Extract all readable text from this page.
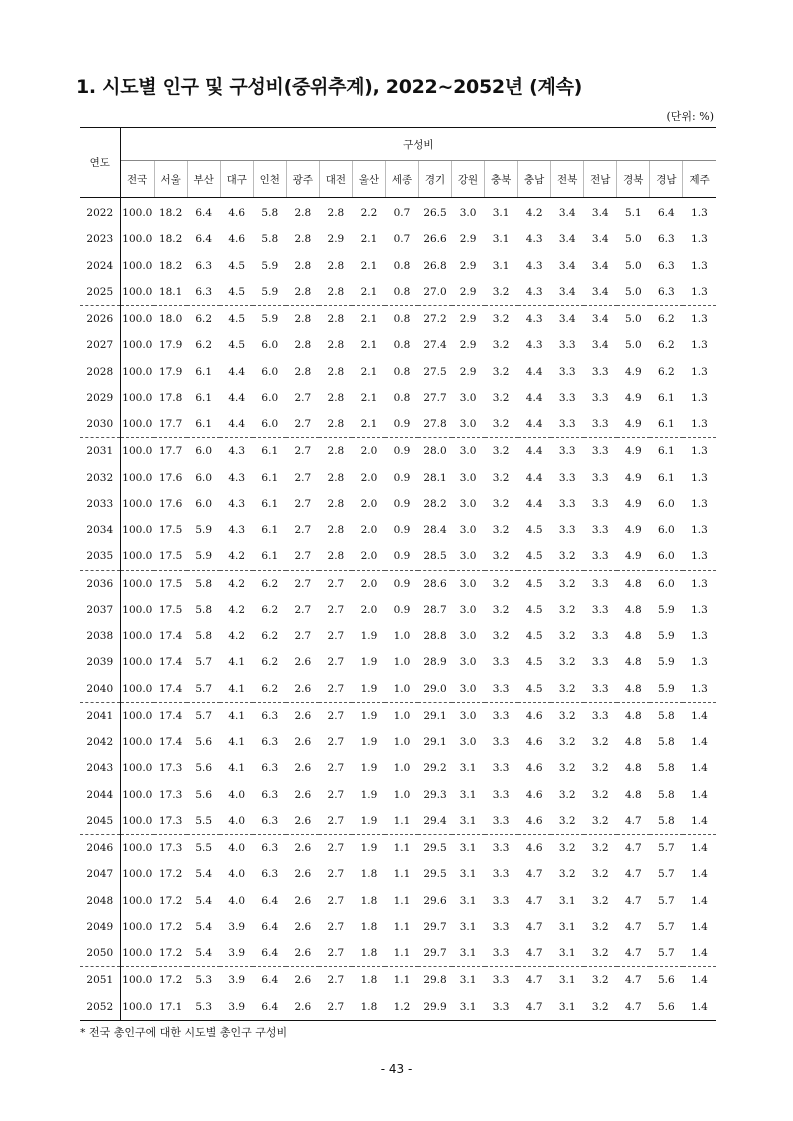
1. 시도별 인구 및 구성비(중위추계), 2022~2052년 (계속)
(단위: %)
연도	구성비																	
	전국	서울	부산	대구	인천	광주	대전	울산	세종	경기	강원	충북	충남	전북	전남	경북	경남	제주
2022	100.0	18.2	6.4	4.6	5.8	2.8	2.8	2.2	0.7	26.5	3.0	3.1	4.2	3.4	3.4	5.1	6.4	1.3
2023	100.0	18.2	6.4	4.6	5.8	2.8	2.9	2.1	0.7	26.6	2.9	3.1	4.3	3.4	3.4	5.0	6.3	1.3
2024	100.0	18.2	6.3	4.5	5.9	2.8	2.8	2.1	0.8	26.8	2.9	3.1	4.3	3.4	3.4	5.0	6.3	1.3
2025	100.0	18.1	6.3	4.5	5.9	2.8	2.8	2.1	0.8	27.0	2.9	3.2	4.3	3.4	3.4	5.0	6.3	1.3
2026	100.0	18.0	6.2	4.5	5.9	2.8	2.8	2.1	0.8	27.2	2.9	3.2	4.3	3.4	3.4	5.0	6.2	1.3
2027	100.0	17.9	6.2	4.5	6.0	2.8	2.8	2.1	0.8	27.4	2.9	3.2	4.3	3.3	3.4	5.0	6.2	1.3
2028	100.0	17.9	6.1	4.4	6.0	2.8	2.8	2.1	0.8	27.5	2.9	3.2	4.4	3.3	3.3	4.9	6.2	1.3
2029	100.0	17.8	6.1	4.4	6.0	2.7	2.8	2.1	0.8	27.7	3.0	3.2	4.4	3.3	3.3	4.9	6.1	1.3
2030	100.0	17.7	6.1	4.4	6.0	2.7	2.8	2.1	0.9	27.8	3.0	3.2	4.4	3.3	3.3	4.9	6.1	1.3
2031	100.0	17.7	6.0	4.3	6.1	2.7	2.8	2.0	0.9	28.0	3.0	3.2	4.4	3.3	3.3	4.9	6.1	1.3
2032	100.0	17.6	6.0	4.3	6.1	2.7	2.8	2.0	0.9	28.1	3.0	3.2	4.4	3.3	3.3	4.9	6.1	1.3
2033	100.0	17.6	6.0	4.3	6.1	2.7	2.8	2.0	0.9	28.2	3.0	3.2	4.4	3.3	3.3	4.9	6.0	1.3
2034	100.0	17.5	5.9	4.3	6.1	2.7	2.8	2.0	0.9	28.4	3.0	3.2	4.5	3.3	3.3	4.9	6.0	1.3
2035	100.0	17.5	5.9	4.2	6.1	2.7	2.8	2.0	0.9	28.5	3.0	3.2	4.5	3.2	3.3	4.9	6.0	1.3
2036	100.0	17.5	5.8	4.2	6.2	2.7	2.7	2.0	0.9	28.6	3.0	3.2	4.5	3.2	3.3	4.8	6.0	1.3
2037	100.0	17.5	5.8	4.2	6.2	2.7	2.7	2.0	0.9	28.7	3.0	3.2	4.5	3.2	3.3	4.8	5.9	1.3
2038	100.0	17.4	5.8	4.2	6.2	2.7	2.7	1.9	1.0	28.8	3.0	3.2	4.5	3.2	3.3	4.8	5.9	1.3
2039	100.0	17.4	5.7	4.1	6.2	2.6	2.7	1.9	1.0	28.9	3.0	3.3	4.5	3.2	3.3	4.8	5.9	1.3
2040	100.0	17.4	5.7	4.1	6.2	2.6	2.7	1.9	1.0	29.0	3.0	3.3	4.5	3.2	3.3	4.8	5.9	1.3
2041	100.0	17.4	5.7	4.1	6.3	2.6	2.7	1.9	1.0	29.1	3.0	3.3	4.6	3.2	3.3	4.8	5.8	1.4
2042	100.0	17.4	5.6	4.1	6.3	2.6	2.7	1.9	1.0	29.1	3.0	3.3	4.6	3.2	3.2	4.8	5.8	1.4
2043	100.0	17.3	5.6	4.1	6.3	2.6	2.7	1.9	1.0	29.2	3.1	3.3	4.6	3.2	3.2	4.8	5.8	1.4
2044	100.0	17.3	5.6	4.0	6.3	2.6	2.7	1.9	1.0	29.3	3.1	3.3	4.6	3.2	3.2	4.8	5.8	1.4
2045	100.0	17.3	5.5	4.0	6.3	2.6	2.7	1.9	1.1	29.4	3.1	3.3	4.6	3.2	3.2	4.7	5.8	1.4
2046	100.0	17.3	5.5	4.0	6.3	2.6	2.7	1.9	1.1	29.5	3.1	3.3	4.6	3.2	3.2	4.7	5.7	1.4
2047	100.0	17.2	5.4	4.0	6.3	2.6	2.7	1.8	1.1	29.5	3.1	3.3	4.7	3.2	3.2	4.7	5.7	1.4
2048	100.0	17.2	5.4	4.0	6.4	2.6	2.7	1.8	1.1	29.6	3.1	3.3	4.7	3.1	3.2	4.7	5.7	1.4
2049	100.0	17.2	5.4	3.9	6.4	2.6	2.7	1.8	1.1	29.7	3.1	3.3	4.7	3.1	3.2	4.7	5.7	1.4
2050	100.0	17.2	5.4	3.9	6.4	2.6	2.7	1.8	1.1	29.7	3.1	3.3	4.7	3.1	3.2	4.7	5.7	1.4
2051	100.0	17.2	5.3	3.9	6.4	2.6	2.7	1.8	1.1	29.8	3.1	3.3	4.7	3.1	3.2	4.7	5.6	1.4
2052	100.0	17.1	5.3	3.9	6.4	2.6	2.7	1.8	1.2	29.9	3.1	3.3	4.7	3.1	3.2	4.7	5.6	1.4
* 전국 총인구에 대한 시도별 총인구 구성비
- 43 -
